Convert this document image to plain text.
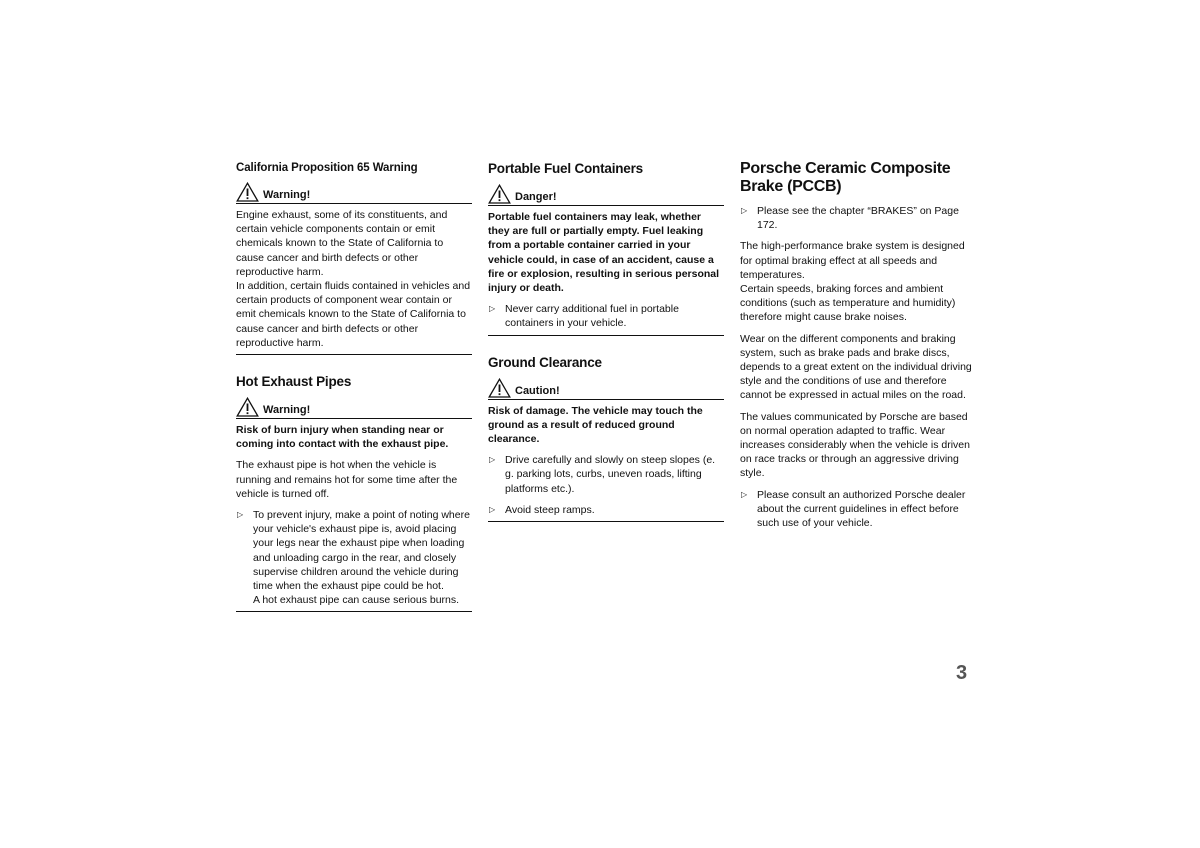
California Proposition 65 Warning
Warning!

Engine exhaust, some of its constituents, and certain vehicle components contain or emit chemicals known to the State of California to cause cancer and birth defects or other reproductive harm.

In addition, certain fluids contained in vehicles and certain products of component wear contain or emit chemicals known to the State of California to cause cancer and birth defects or other reproductive harm.

Hot Exhaust Pipes
Warning!

Risk of burn injury when standing near or coming into contact with the exhaust pipe.

The exhaust pipe is hot when the vehicle is running and remains hot for some time after the vehicle is turned off.

▷ To prevent injury, make a point of noting where your vehicle's exhaust pipe is, avoid placing your legs near the exhaust pipe when loading and unloading cargo in the rear, and closely supervise children around the vehicle during time when the exhaust pipe could be hot.
A hot exhaust pipe can cause serious burns.
Portable Fuel Containers
Danger!

Portable fuel containers may leak, whether they are full or partially empty. Fuel leaking from a portable container carried in your vehicle could, in case of an accident, cause a fire or explosion, resulting in serious personal injury or death.

▷ Never carry additional fuel in portable containers in your vehicle.
Ground Clearance
Caution!

Risk of damage. The vehicle may touch the ground as a result of reduced ground clearance.

▷ Drive carefully and slowly on steep slopes (e. g. parking lots, curbs, uneven roads, lifting platforms etc.).
▷ Avoid steep ramps.
Porsche Ceramic Composite Brake (PCCB)
▷ Please see the chapter “BRAKES” on Page 172.

The high-performance brake system is designed for optimal braking effect at all speeds and temperatures.

Certain speeds, braking forces and ambient conditions (such as temperature and humidity) therefore might cause brake noises.

Wear on the different components and braking system, such as brake pads and brake discs, depends to a great extent on the individual driving style and the conditions of use and therefore cannot be expressed in actual miles on the road.

The values communicated by Porsche are based on normal operation adapted to traffic. Wear increases considerably when the vehicle is driven on race tracks or through an aggressive driving style.

▷ Please consult an authorized Porsche dealer about the current guidelines in effect before such use of your vehicle.
3
